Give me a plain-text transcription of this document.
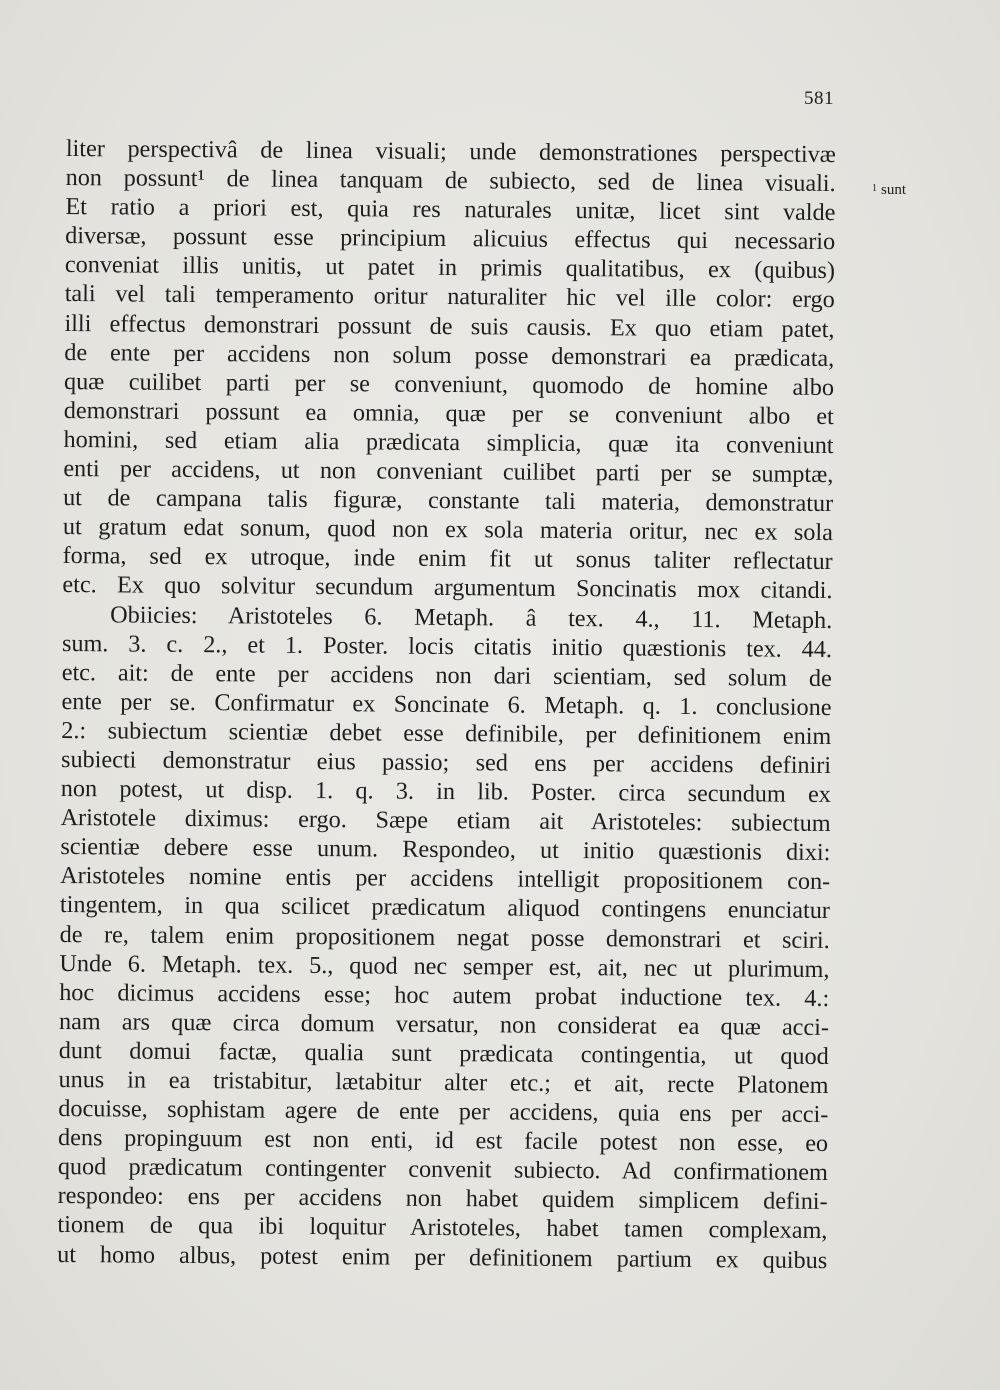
581
$^1$ sunt
liter perspectivâ de linea visuali; unde demonstrationes perspectivæ
non possunt¹ de linea tanquam de subiecto, sed de linea visuali.
Et ratio a priori est, quia res naturales unitæ, licet sint valde
diversæ, possunt esse principium alicuius effectus qui necessario
conveniat illis unitis, ut patet in primis qualitatibus, ex (quibus)
tali vel tali temperamento oritur naturaliter hic vel ille color: ergo
illi effectus demonstrari possunt de suis causis. Ex quo etiam patet,
de ente per accidens non solum posse demonstrari ea prædicata,
quæ cuilibet parti per se conveniunt, quomodo de homine albo
demonstrari possunt ea omnia, quæ per se conveniunt albo et
homini, sed etiam alia prædicata simplicia, quæ ita conveniunt
enti per accidens, ut non conveniant cuilibet parti per se sumptæ,
ut de campana talis figuræ, constante tali materia, demonstratur
ut gratum edat sonum, quod non ex sola materia oritur, nec ex sola
forma, sed ex utroque, inde enim fit ut sonus taliter reflectatur
etc. Ex quo solvitur secundum argumentum Soncinatis mox citandi.
Obiicies: Aristoteles 6. Metaph. â tex. 4., 11. Metaph.
sum. 3. c. 2., et 1. Poster. locis citatis initio quæstionis tex. 44.
etc. ait: de ente per accidens non dari scientiam, sed solum de
ente per se. Confirmatur ex Soncinate 6. Metaph. q. 1. conclusione
2.: subiectum scientiæ debet esse definibile, per definitionem enim
subiecti demonstratur eius passio; sed ens per accidens definiri
non potest, ut disp. 1. q. 3. in lib. Poster. circa secundum ex
Aristotele diximus: ergo. Sæpe etiam ait Aristoteles: subiectum
scientiæ debere esse unum. Respondeo, ut initio quæstionis dixi:
Aristoteles nomine entis per accidens intelligit propositionem con-
tingentem, in qua scilicet prædicatum aliquod contingens enunciatur
de re, talem enim propositionem negat posse demonstrari et sciri.
Unde 6. Metaph. tex. 5., quod nec semper est, ait, nec ut plurimum,
hoc dicimus accidens esse; hoc autem probat inductione tex. 4.:
nam ars quæ circa domum versatur, non considerat ea quæ acci-
dunt domui factæ, qualia sunt prædicata contingentia, ut quod
unus in ea tristabitur, lætabitur alter etc.; et ait, recte Platonem
docuisse, sophistam agere de ente per accidens, quia ens per acci-
dens propinguum est non enti, id est facile potest non esse, eo
quod prædicatum contingenter convenit subiecto. Ad confirmationem
respondeo: ens per accidens non habet quidem simplicem defini-
tionem de qua ibi loquitur Aristoteles, habet tamen complexam,
ut homo albus, potest enim per definitionem partium ex quibus
